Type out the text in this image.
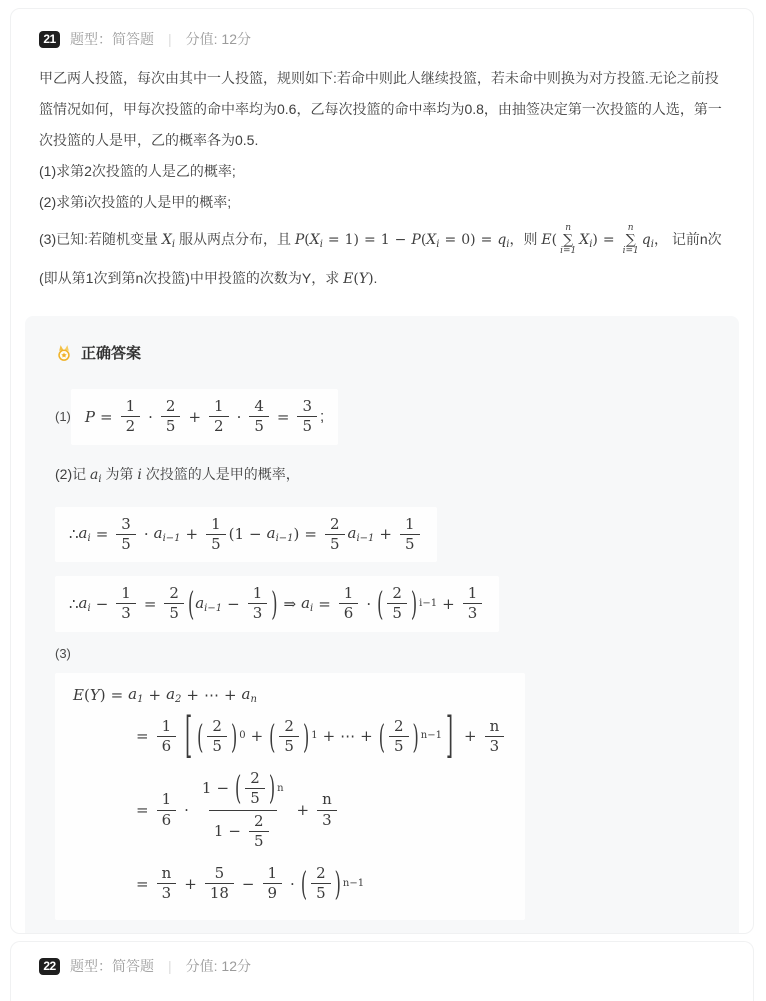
21	题型：简答题 | 分值: 12分
甲乙两人投篮，每次由其中一人投篮，规则如下:若命中则此人继续投篮，若未命中则换为对方投篮.无论之前投篮情况如何，甲每次投篮的命中率均为0.6，乙每次投篮的命中率均为0.8，由抽签决定第一次投篮的人选，第一次投篮的人是甲，乙的概率各为0.5.
(1)求第2次投篮的人是乙的概率;
(2)求第i次投篮的人是甲的概率;
(3)已知:若随机变量 $X_i$ 服从两点分布，且 $P(X_i = 1) = 1 - P(X_i = 0) = q_i$，则 E(
n
∑
i=1
$X_i$) =
n
∑
i=1
$q_i$， 记前n次(即从第1次到第n次投篮)中甲投篮的次数为Y，求 E(Y).
正确答案
(1) $P = \frac{1}{2}$ ·
2
5
+ $\frac{1}{2} \cdot \frac{4}{5} = \frac{3}{5}$ ;
(2)记 $a_i$ 为第 i 次投篮的人是甲的概率，
∴ $a_i = \frac{3}{5} \cdot a_{i-1} + \frac{1}{5} (1 - a_{i-1}$ ) = $\frac{2}{5} a_{i-1} + \frac{1}{5}$

∴ $a_i - \frac{1}{3} = \frac{2}{5}$ ( $a_{i-1} - \frac{1}{3}$ ) ⇒ $a_i = \frac{1}{6}$ · ( 2
5 ) $i-1 + \frac{1}{3}$
(3)
E ( Y ) = $a_1 + a_2$ + ⋯ + $a_n$
= $\frac{1}{6}$ [ ( 2
5 ) 0 + ( 2
5 ) 1 + ⋯ + ( 2
5 ) n−1 ] + $\frac{n}{3}$
= $\frac{1}{6}$ ·
1 − ( 2
5 ) n
$1 - \frac{2}{5}$
+ $\frac{n}{3}$
= $\frac{n}{3} + \frac{5}{18} - \frac{1}{9}$ · ( 2
5 ) n−1
22	题型：简答题 | 分值: 12分
